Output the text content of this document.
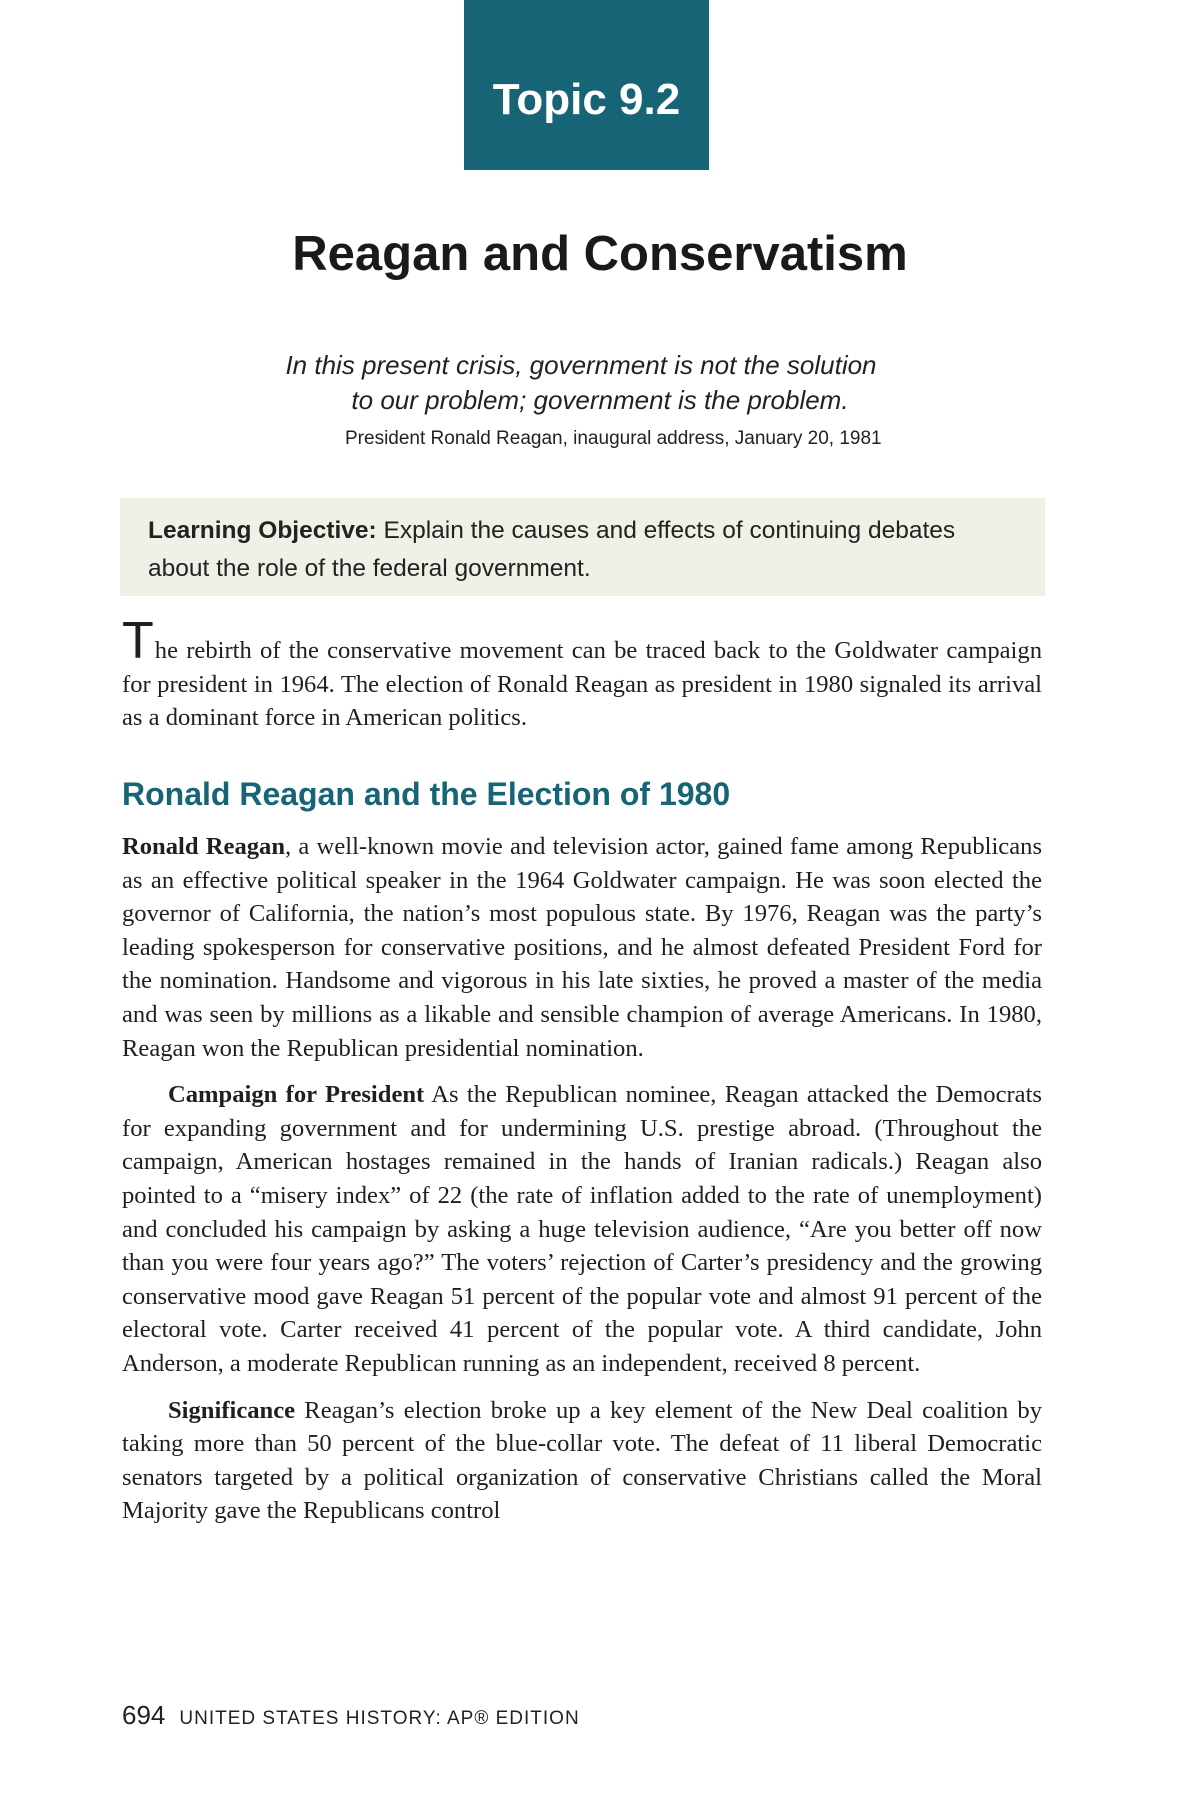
Topic 9.2
Reagan and Conservatism
In this present crisis, government is not the solution
to our problem; government is the problem.
President Ronald Reagan, inaugural address, January 20, 1981
Learning Objective: Explain the causes and effects of continuing debates about the role of the federal government.
The rebirth of the conservative movement can be traced back to the Goldwater campaign for president in 1964. The election of Ronald Reagan as president in 1980 signaled its arrival as a dominant force in American politics.
Ronald Reagan and the Election of 1980

Ronald Reagan, a well-known movie and television actor, gained fame among Republicans as an effective political speaker in the 1964 Goldwater campaign. He was soon elected the governor of California, the nation’s most populous state. By 1976, Reagan was the party’s leading spokesperson for conservative positions, and he almost defeated President Ford for the nomination. Handsome and vigorous in his late sixties, he proved a master of the media and was seen by millions as a likable and sensible champion of average Americans. In 1980, Reagan won the Republican presidential nomination.

Campaign for President As the Republican nominee, Reagan attacked the Democrats for expanding government and for undermining U.S. prestige abroad. (Throughout the campaign, American hostages remained in the hands of Iranian radicals.) Reagan also pointed to a “misery index” of 22 (the rate of inflation added to the rate of unemployment) and concluded his campaign by asking a huge television audience, “Are you better off now than you were four years ago?” The voters’ rejection of Carter’s presidency and the growing conservative mood gave Reagan 51 percent of the popular vote and almost 91 percent of the electoral vote. Carter received 41 percent of the popular vote. A third candidate, John Anderson, a moderate Republican running as an independent, received 8 percent.

Significance Reagan’s election broke up a key element of the New Deal coalition by taking more than 50 percent of the blue-collar vote. The defeat of 11 liberal Democratic senators targeted by a political organization of conservative Christians called the Moral Majority gave the Republicans control

694 UNITED STATES HISTORY: AP® EDITION
